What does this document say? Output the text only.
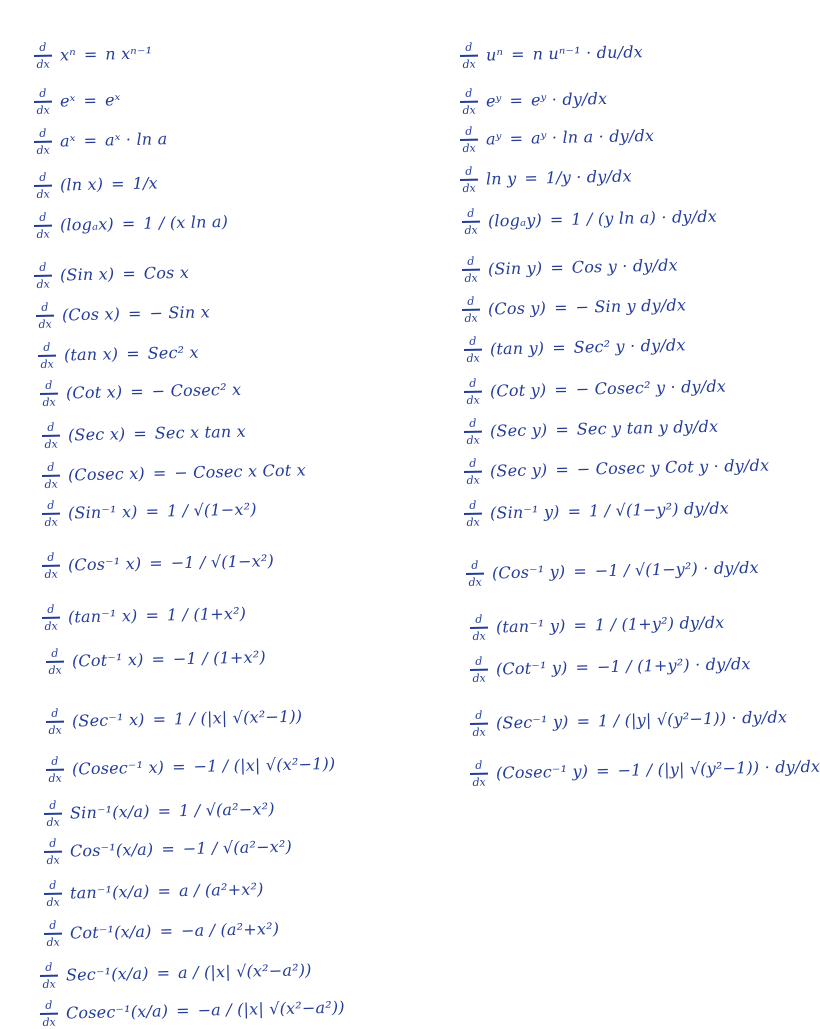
d
dx xⁿ = n xⁿ⁻¹
d
dx eˣ = eˣ
d
dx aˣ = aˣ · ln a
d
dx (ln x) = 1/x
d
dx (logₐx) = 1 / (x ln a)
d
dx (Sin x) = Cos x
d
dx (Cos x) = − Sin x
d
dx (tan x) = Sec² x
d
dx (Cot x) = − Cosec² x
d
dx (Sec x) = Sec x tan x
d
dx (Cosec x) = − Cosec x Cot x
d
dx (Sin⁻¹ x) = 1 / √(1−x²)
d
dx (Cos⁻¹ x) = −1 / √(1−x²)
d
dx (tan⁻¹ x) = 1 / (1+x²)
d
dx (Cot⁻¹ x) = −1 / (1+x²)
d
dx (Sec⁻¹ x) = 1 / (|x| √(x²−1))
d
dx (Cosec⁻¹ x) = −1 / (|x| √(x²−1))
d
dx Sin⁻¹(x/a) = 1 / √(a²−x²)
d
dx Cos⁻¹(x/a) = −1 / √(a²−x²)
d
dx tan⁻¹(x/a) = a / (a²+x²)
d
dx Cot⁻¹(x/a) = −a / (a²+x²)
d
dx Sec⁻¹(x/a) = a / (|x| √(x²−a²))
d
dx Cosec⁻¹(x/a) = −a / (|x| √(x²−a²))
d
dx uⁿ = n uⁿ⁻¹ · du/dx
d
dx eʸ = eʸ · dy/dx
d
dx aʸ = aʸ · ln a · dy/dx
d
dx ln y = 1/y · dy/dx
d
dx (logₐy) = 1 / (y ln a) · dy/dx
d
dx (Sin y) = Cos y · dy/dx
d
dx (Cos y) = − Sin y dy/dx
d
dx (tan y) = Sec² y · dy/dx
d
dx (Cot y) = − Cosec² y · dy/dx
d
dx (Sec y) = Sec y tan y dy/dx
d
dx (Sec y) = − Cosec y Cot y · dy/dx
d
dx (Sin⁻¹ y) = 1 / √(1−y²) dy/dx
d
dx (Cos⁻¹ y) = −1 / √(1−y²) · dy/dx
d
dx (tan⁻¹ y) = 1 / (1+y²) dy/dx
d
dx (Cot⁻¹ y) = −1 / (1+y²) · dy/dx
d
dx (Sec⁻¹ y) = 1 / (|y| √(y²−1)) · dy/dx
d
dx (Cosec⁻¹ y) = −1 / (|y| √(y²−1)) · dy/dx
